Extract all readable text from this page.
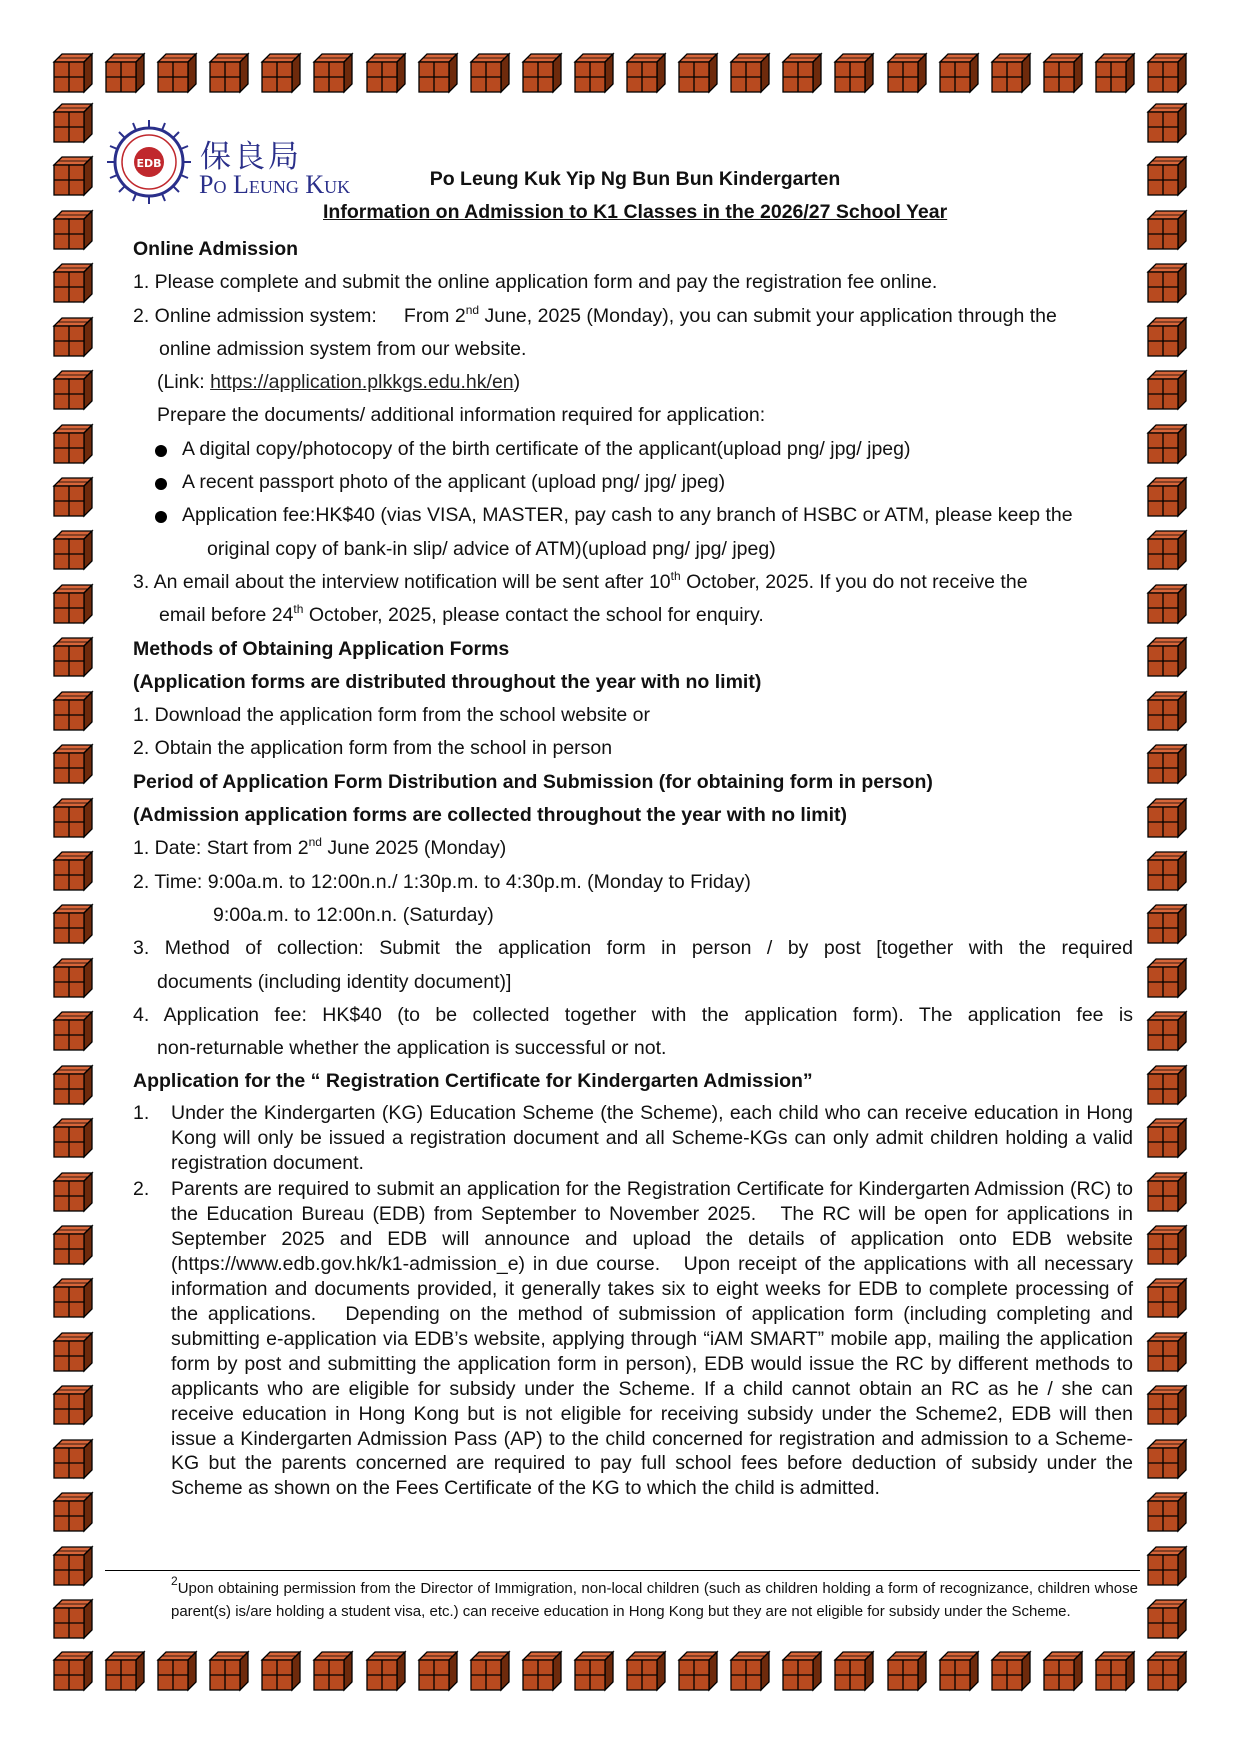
EDB 保良局
Po Leung Kuk	Po Leung Kuk Yip Ng Bun Bun Kindergarten
Information on Admission to K1 Classes in the 2026/27 School Year
Online Admission
1. Please complete and submit the online application form and pay the registration fee online.
2. Online admission system:     From 2nd June, 2025 (Monday), you can submit your application through the
online admission system from our website.
(Link: https://application.plkkgs.edu.hk/en)
Prepare the documents/ additional information required for application:
A digital copy/photocopy of the birth certificate of the applicant(upload png/ jpg/ jpeg)
A recent passport photo of the applicant (upload png/ jpg/ jpeg)
Application fee:HK$40 (vias VISA, MASTER, pay cash to any branch of HSBC or ATM, please keep the
original copy of bank-in slip/ advice of ATM)(upload png/ jpg/ jpeg)
3. An email about the interview notification will be sent after 10th October, 2025. If you do not receive the
email before 24th October, 2025, please contact the school for enquiry.
Methods of Obtaining Application Forms
(Application forms are distributed throughout the year with no limit)
1. Download the application form from the school website or
2. Obtain the application form from the school in person
Period of Application Form Distribution and Submission (for obtaining form in person)
(Admission application forms are collected throughout the year with no limit)
1. Date: Start from 2nd June 2025 (Monday)
2. Time: 9:00a.m. to 12:00n.n./ 1:30p.m. to 4:30p.m. (Monday to Friday)
9:00a.m. to 12:00n.n. (Saturday)
3. Method of collection: Submit the application form in person / by post [together with the required
documents (including identity document)]
4. Application fee: HK$40 (to be collected together with the application form). The application fee is
non-returnable whether the application is successful or not.
Application for the “ Registration Certificate for Kindergarten Admission”
1. Under the Kindergarten (KG) Education Scheme (the Scheme), each child who can receive education in Hong Kong will only be issued a registration document and all Scheme-KGs can only admit children holding a valid registration document.
2. Parents are required to submit an application for the Registration Certificate for Kindergarten Admission (RC) to the Education Bureau (EDB) from September to November 2025.   The RC will be open for applications in September 2025 and EDB will announce and upload the details of application onto EDB website (https://www.edb.gov.hk/k1-admission_e) in due course.   Upon receipt of the applications with all necessary information and documents provided, it generally takes six to eight weeks for EDB to complete processing of the applications.   Depending on the method of submission of application form (including completing and submitting e-application via EDB’s website, applying through “iAM SMART” mobile app, mailing the application form by post and submitting the application form in person), EDB would issue the RC by different methods to applicants who are eligible for subsidy under the Scheme. If a child cannot obtain an RC as he / she can receive education in Hong Kong but is not eligible for receiving subsidy under the Scheme2, EDB will then issue a Kindergarten Admission Pass (AP) to the child concerned for registration and admission to a Scheme-KG but the parents concerned are required to pay full school fees before deduction of subsidy under the Scheme as shown on the Fees Certificate of the KG to which the child is admitted.
$^2$Upon obtaining permission from the Director of Immigration, non-local children (such as children holding a form of recognizance, children whose parent(s) is/are holding a student visa, etc.) can receive education in Hong Kong but they are not eligible for subsidy under the Scheme.
